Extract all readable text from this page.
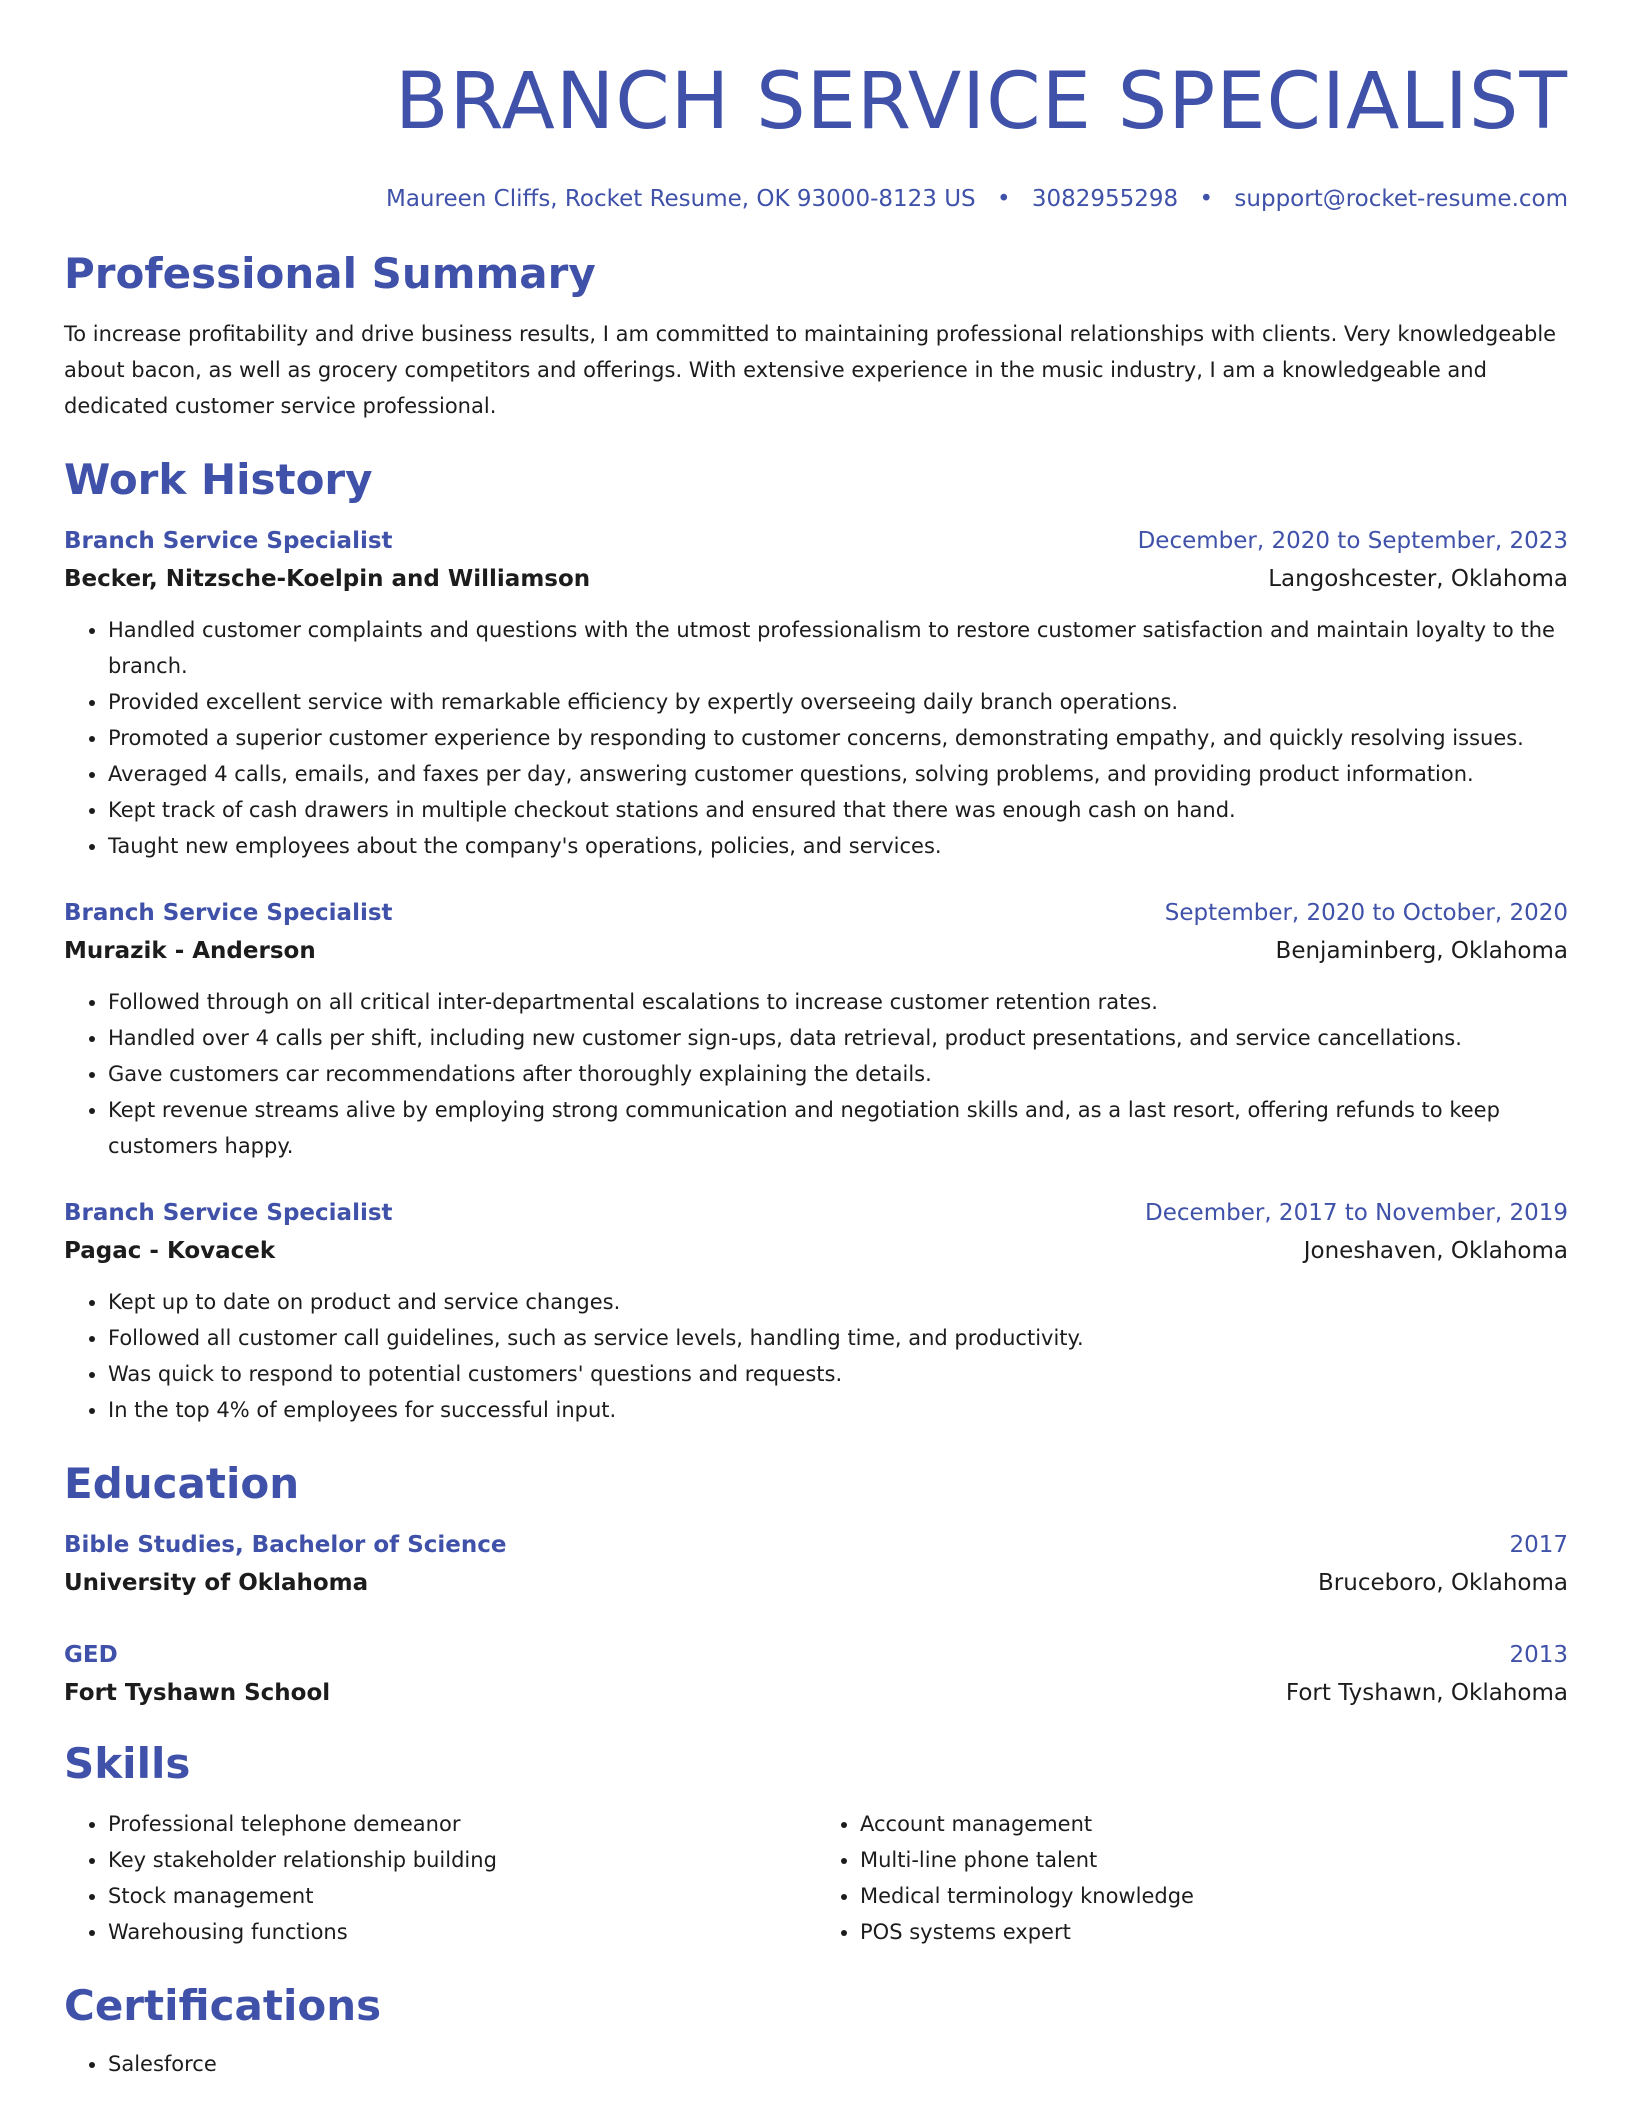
BRANCH SERVICE SPECIALIST
Maureen Cliffs, Rocket Resume, OK 93000-8123 US • 3082955298 • support@rocket-resume.com
Professional Summary

To increase profitability and drive business results, I am committed to maintaining professional relationships with clients. Very knowledgeable about bacon, as well as grocery competitors and offerings. With extensive experience in the music industry, I am a knowledgeable and dedicated customer service professional.

Work History
Branch Service Specialist	December, 2020 to September, 2023
Becker, Nitzsche-Koelpin and Williamson	Langoshcester, Oklahoma
• Handled customer complaints and questions with the utmost professionalism to restore customer satisfaction and maintain loyalty to the branch.
• Provided excellent service with remarkable efficiency by expertly overseeing daily branch operations.
• Promoted a superior customer experience by responding to customer concerns, demonstrating empathy, and quickly resolving issues.
• Averaged 4 calls, emails, and faxes per day, answering customer questions, solving problems, and providing product information.
• Kept track of cash drawers in multiple checkout stations and ensured that there was enough cash on hand.
• Taught new employees about the company's operations, policies, and services.
Branch Service Specialist	September, 2020 to October, 2020
Murazik - Anderson	Benjaminberg, Oklahoma
• Followed through on all critical inter-departmental escalations to increase customer retention rates.
• Handled over 4 calls per shift, including new customer sign-ups, data retrieval, product presentations, and service cancellations.
• Gave customers car recommendations after thoroughly explaining the details.
• Kept revenue streams alive by employing strong communication and negotiation skills and, as a last resort, offering refunds to keep customers happy.
Branch Service Specialist	December, 2017 to November, 2019
Pagac - Kovacek	Joneshaven, Oklahoma
• Kept up to date on product and service changes.
• Followed all customer call guidelines, such as service levels, handling time, and productivity.
• Was quick to respond to potential customers' questions and requests.
• In the top 4% of employees for successful input.
Education
Bible Studies, Bachelor of Science	2017
University of Oklahoma	Bruceboro, Oklahoma
GED	2013
Fort Tyshawn School	Fort Tyshawn, Oklahoma
Skills
• Professional telephone demeanor
• Key stakeholder relationship building
• Stock management
• Warehousing functions
• Account management
• Multi-line phone talent
• Medical terminology knowledge
• POS systems expert
Certifications
• Salesforce
